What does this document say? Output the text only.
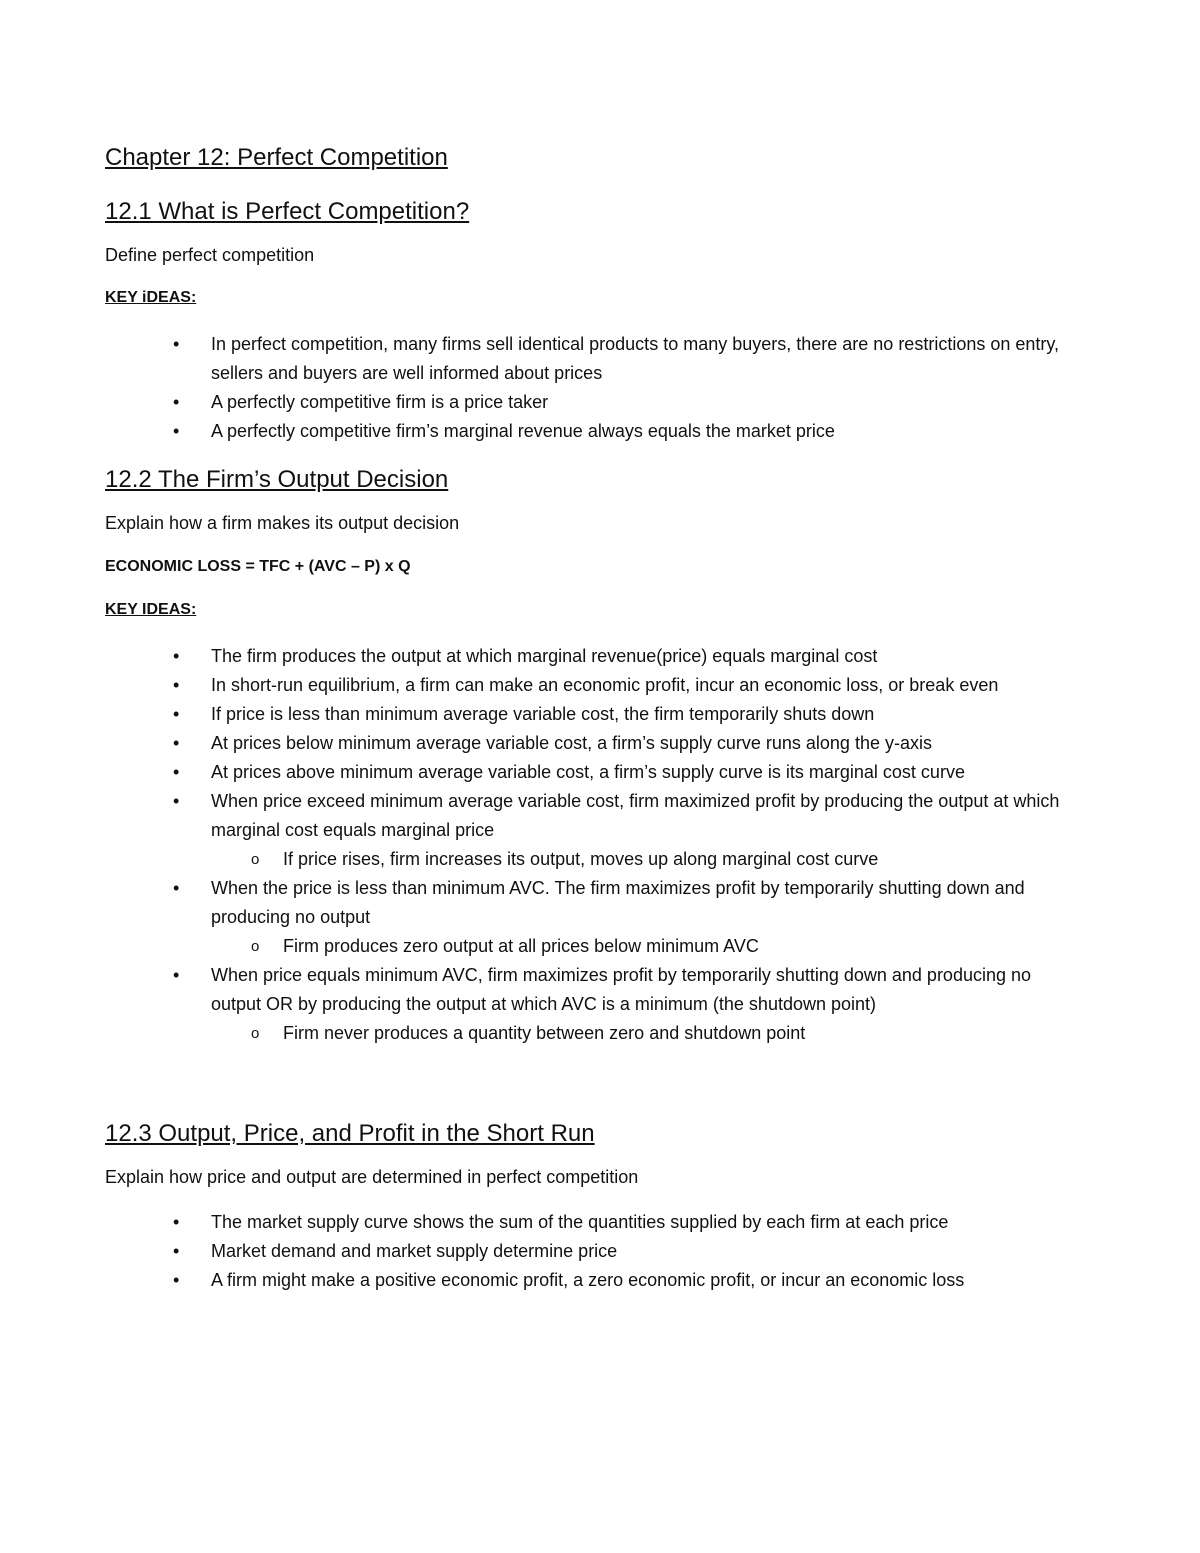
Chapter 12: Perfect Competition
12.1 What is Perfect Competition?

Define perfect competition

KEY iDEAS:

• In perfect competition, many firms sell identical products to many buyers, there are no restrictions on entry, sellers and buyers are well informed about prices
• A perfectly competitive firm is a price taker
• A perfectly competitive firm’s marginal revenue always equals the market price
12.2 The Firm’s Output Decision

Explain how a firm makes its output decision

ECONOMIC LOSS = TFC + (AVC – P) x Q

KEY IDEAS:

• The firm produces the output at which marginal revenue(price) equals marginal cost
• In short-run equilibrium, a firm can make an economic profit, incur an economic loss, or break even
• If price is less than minimum average variable cost, the firm temporarily shuts down
• At prices below minimum average variable cost, a firm’s supply curve runs along the y-axis
• At prices above minimum average variable cost, a firm’s supply curve is its marginal cost curve
• When price exceed minimum average variable cost, firm maximized profit by producing the output at which marginal cost equals marginal price
o If price rises, firm increases its output, moves up along marginal cost curve
• When the price is less than minimum AVC. The firm maximizes profit by temporarily shutting down and producing no output
o Firm produces zero output at all prices below minimum AVC
• When price equals minimum AVC, firm maximizes profit by temporarily shutting down and producing no output OR by producing the output at which AVC is a minimum (the shutdown point)
o Firm never produces a quantity between zero and shutdown point
12.3 Output, Price, and Profit in the Short Run

Explain how price and output are determined in perfect competition

• The market supply curve shows the sum of the quantities supplied by each firm at each price
• Market demand and market supply determine price
• A firm might make a positive economic profit, a zero economic profit, or incur an economic loss
